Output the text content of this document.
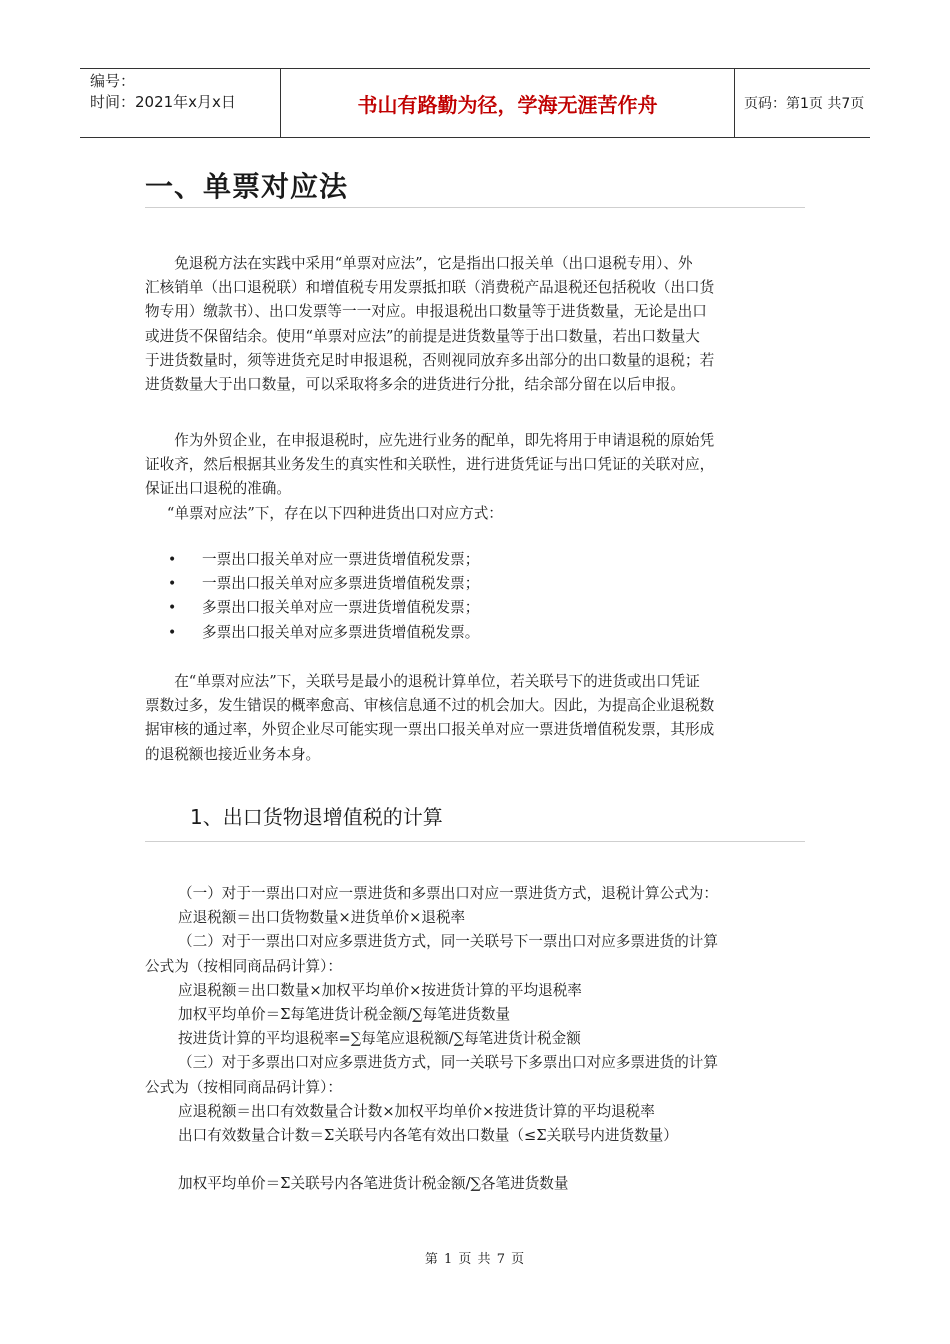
编号：
时间：2021年x月x日	书山有路勤为径，学海无涯苦作舟	页码：第1页 共7页
一、单票对应法
免退税方法在实践中采用“单票对应法”，它是指出口报关单（出口退税专用）、外
汇核销单（出口退税联）和增值税专用发票抵扣联（消费税产品退税还包括税收（出口货
物专用）缴款书）、出口发票等一一对应。申报退税出口数量等于进货数量，无论是出口
或进货不保留结余。使用“单票对应法”的前提是进货数量等于出口数量，若出口数量大
于进货数量时，须等进货充足时申报退税，否则视同放弃多出部分的出口数量的退税；若
进货数量大于出口数量，可以采取将多余的进货进行分批，结余部分留在以后申报。
作为外贸企业，在申报退税时，应先进行业务的配单，即先将用于申请退税的原始凭
证收齐，然后根据其业务发生的真实性和关联性，进行进货凭证与出口凭证的关联对应，
保证出口退税的准确。
“单票对应法”下，存在以下四种进货出口对应方式：
• 一票出口报关单对应一票进货增值税发票；
• 一票出口报关单对应多票进货增值税发票；
• 多票出口报关单对应一票进货增值税发票；
• 多票出口报关单对应多票进货增值税发票。
在“单票对应法”下，关联号是最小的退税计算单位，若关联号下的进货或出口凭证
票数过多，发生错误的概率愈高、审核信息通不过的机会加大。因此，为提高企业退税数
据审核的通过率，外贸企业尽可能实现一票出口报关单对应一票进货增值税发票，其形成
的退税额也接近业务本身。
1、出口货物退增值税的计算
（一）对于一票出口对应一票进货和多票出口对应一票进货方式，退税计算公式为：
应退税额＝出口货物数量×进货单价×退税率
（二）对于一票出口对应多票进货方式，同一关联号下一票出口对应多票进货的计算
公式为（按相同商品码计算）：
应退税额＝出口数量×加权平均单价×按进货计算的平均退税率
加权平均单价＝Σ每笔进货计税金额/∑每笔进货数量
按进货计算的平均退税率=∑每笔应退税额/∑每笔进货计税金额
（三）对于多票出口对应多票进货方式，同一关联号下多票出口对应多票进货的计算
公式为（按相同商品码计算）：
应退税额＝出口有效数量合计数×加权平均单价×按进货计算的平均退税率
出口有效数量合计数＝Σ关联号内各笔有效出口数量（≤Σ关联号内进货数量）
加权平均单价＝Σ关联号内各笔进货计税金额/∑各笔进货数量
第 1 页 共 7 页
